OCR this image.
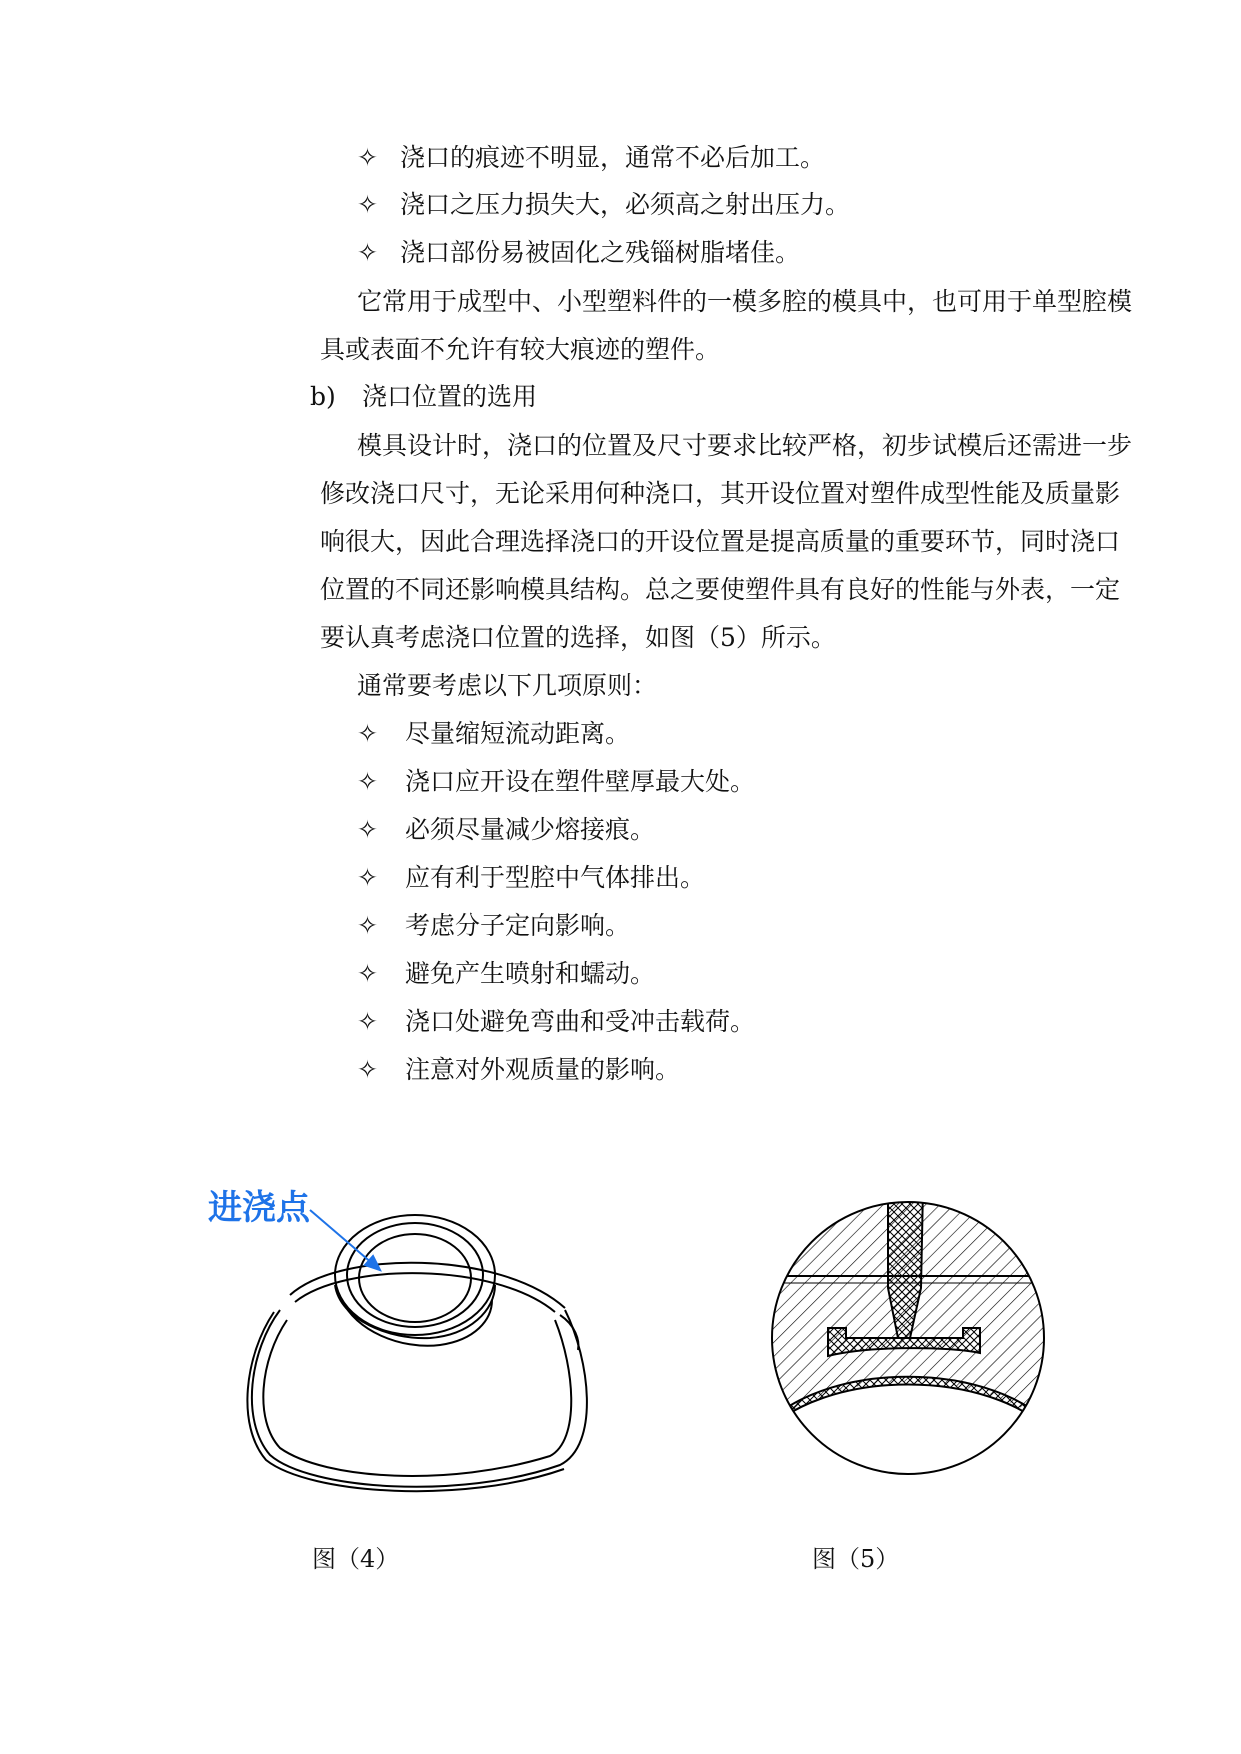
✧ 浇口的痕迹不明显，通常不必后加工。
✧ 浇口之压力损失大，必须高之射出压力。
✧ 浇口部份易被固化之残锱树脂堵佳。
它常用于成型中、小型塑料件的一模多腔的模具中，也可用于单型腔模
具或表面不允许有较大痕迹的塑件。
b) 浇口位置的选用
模具设计时，浇口的位置及尺寸要求比较严格，初步试模后还需进一步
修改浇口尺寸，无论采用何种浇口，其开设位置对塑件成型性能及质量影
响很大，因此合理选择浇口的开设位置是提高质量的重要环节，同时浇口
位置的不同还影响模具结构。总之要使塑件具有良好的性能与外表，一定
要认真考虑浇口位置的选择，如图（5）所示。
通常要考虑以下几项原则：
✧ 尽量缩短流动距离。
✧ 浇口应开设在塑件壁厚最大处。
✧ 必须尽量减少熔接痕。
✧ 应有利于型腔中气体排出。
✧ 考虑分子定向影响。
✧ 避免产生喷射和蠕动。
✧ 浇口处避免弯曲和受冲击载荷。
✧ 注意对外观质量的影响。
进浇点
图（4）	图（5）
